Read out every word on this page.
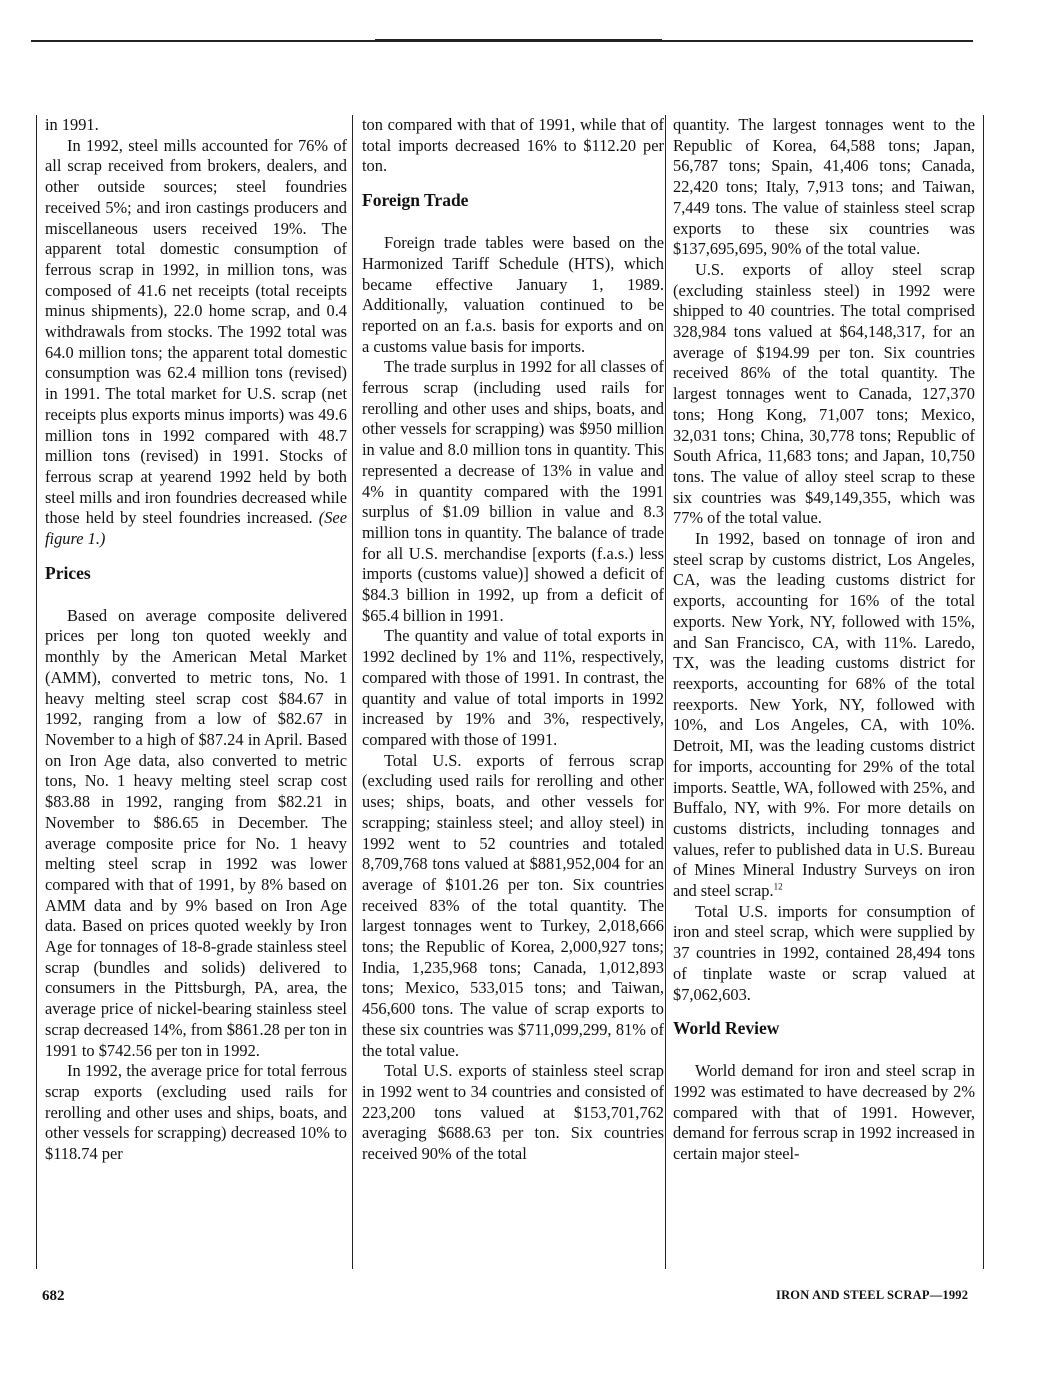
in 1991.

In 1992, steel mills accounted for 76% of all scrap received from brokers, dealers, and other outside sources; steel foundries received 5%; and iron castings producers and miscellaneous users received 19%. The apparent total domestic consumption of ferrous scrap in 1992, in million tons, was composed of 41.6 net receipts (total receipts minus shipments), 22.0 home scrap, and 0.4 withdrawals from stocks. The 1992 total was 64.0 million tons; the apparent total domestic consumption was 62.4 million tons (revised) in 1991. The total market for U.S. scrap (net receipts plus exports minus imports) was 49.6 million tons in 1992 compared with 48.7 million tons (revised) in 1991. Stocks of ferrous scrap at yearend 1992 held by both steel mills and iron foundries decreased while those held by steel foundries increased. (See figure 1.)

Prices

Based on average composite delivered prices per long ton quoted weekly and monthly by the American Metal Market (AMM), converted to metric tons, No. 1 heavy melting steel scrap cost $84.67 in 1992, ranging from a low of $82.67 in November to a high of $87.24 in April. Based on Iron Age data, also converted to metric tons, No. 1 heavy melting steel scrap cost $83.88 in 1992, ranging from $82.21 in November to $86.65 in December. The average composite price for No. 1 heavy melting steel scrap in 1992 was lower compared with that of 1991, by 8% based on AMM data and by 9% based on Iron Age data. Based on prices quoted weekly by Iron Age for tonnages of 18-8-grade stainless steel scrap (bundles and solids) delivered to consumers in the Pittsburgh, PA, area, the average price of nickel-bearing stainless steel scrap decreased 14%, from $861.28 per ton in 1991 to $742.56 per ton in 1992.

In 1992, the average price for total ferrous scrap exports (excluding used rails for rerolling and other uses and ships, boats, and other vessels for scrapping) decreased 10% to $118.74 per

ton compared with that of 1991, while that of total imports decreased 16% to $112.20 per ton.

Foreign Trade

Foreign trade tables were based on the Harmonized Tariff Schedule (HTS), which became effective January 1, 1989. Additionally, valuation continued to be reported on an f.a.s. basis for exports and on a customs value basis for imports.

The trade surplus in 1992 for all classes of ferrous scrap (including used rails for rerolling and other uses and ships, boats, and other vessels for scrapping) was $950 million in value and 8.0 million tons in quantity. This represented a decrease of 13% in value and 4% in quantity compared with the 1991 surplus of $1.09 billion in value and 8.3 million tons in quantity. The balance of trade for all U.S. merchandise [exports (f.a.s.) less imports (customs value)] showed a deficit of $84.3 billion in 1992, up from a deficit of $65.4 billion in 1991.

The quantity and value of total exports in 1992 declined by 1% and 11%, respectively, compared with those of 1991. In contrast, the quantity and value of total imports in 1992 increased by 19% and 3%, respectively, compared with those of 1991.

Total U.S. exports of ferrous scrap (excluding used rails for rerolling and other uses; ships, boats, and other vessels for scrapping; stainless steel; and alloy steel) in 1992 went to 52 countries and totaled 8,709,768 tons valued at $881,952,004 for an average of $101.26 per ton. Six countries received 83% of the total quantity. The largest tonnages went to Turkey, 2,018,666 tons; the Republic of Korea, 2,000,927 tons; India, 1,235,968 tons; Canada, 1,012,893 tons; Mexico, 533,015 tons; and Taiwan, 456,600 tons. The value of scrap exports to these six countries was $711,099,299, 81% of the total value.

Total U.S. exports of stainless steel scrap in 1992 went to 34 countries and consisted of 223,200 tons valued at $153,701,762 averaging $688.63 per ton. Six countries received 90% of the total

quantity. The largest tonnages went to the Republic of Korea, 64,588 tons; Japan, 56,787 tons; Spain, 41,406 tons; Canada, 22,420 tons; Italy, 7,913 tons; and Taiwan, 7,449 tons. The value of stainless steel scrap exports to these six countries was $137,695,695, 90% of the total value.

U.S. exports of alloy steel scrap (excluding stainless steel) in 1992 were shipped to 40 countries. The total comprised 328,984 tons valued at $64,148,317, for an average of $194.99 per ton. Six countries received 86% of the total quantity. The largest tonnages went to Canada, 127,370 tons; Hong Kong, 71,007 tons; Mexico, 32,031 tons; China, 30,778 tons; Republic of South Africa, 11,683 tons; and Japan, 10,750 tons. The value of alloy steel scrap to these six countries was $49,149,355, which was 77% of the total value.

In 1992, based on tonnage of iron and steel scrap by customs district, Los Angeles, CA, was the leading customs district for exports, accounting for 16% of the total exports. New York, NY, followed with 15%, and San Francisco, CA, with 11%. Laredo, TX, was the leading customs district for reexports, accounting for 68% of the total reexports. New York, NY, followed with 10%, and Los Angeles, CA, with 10%. Detroit, MI, was the leading customs district for imports, accounting for 29% of the total imports. Seattle, WA, followed with 25%, and Buffalo, NY, with 9%. For more details on customs districts, including tonnages and values, refer to published data in U.S. Bureau of Mines Mineral Industry Surveys on iron and steel scrap.$^{12}$

Total U.S. imports for consumption of iron and steel scrap, which were supplied by 37 countries in 1992, contained 28,494 tons of tinplate waste or scrap valued at $7,062,603.

World Review

World demand for iron and steel scrap in 1992 was estimated to have decreased by 2% compared with that of 1991. However, demand for ferrous scrap in 1992 increased in certain major steel-

682	IRON AND STEEL SCRAP—1992
